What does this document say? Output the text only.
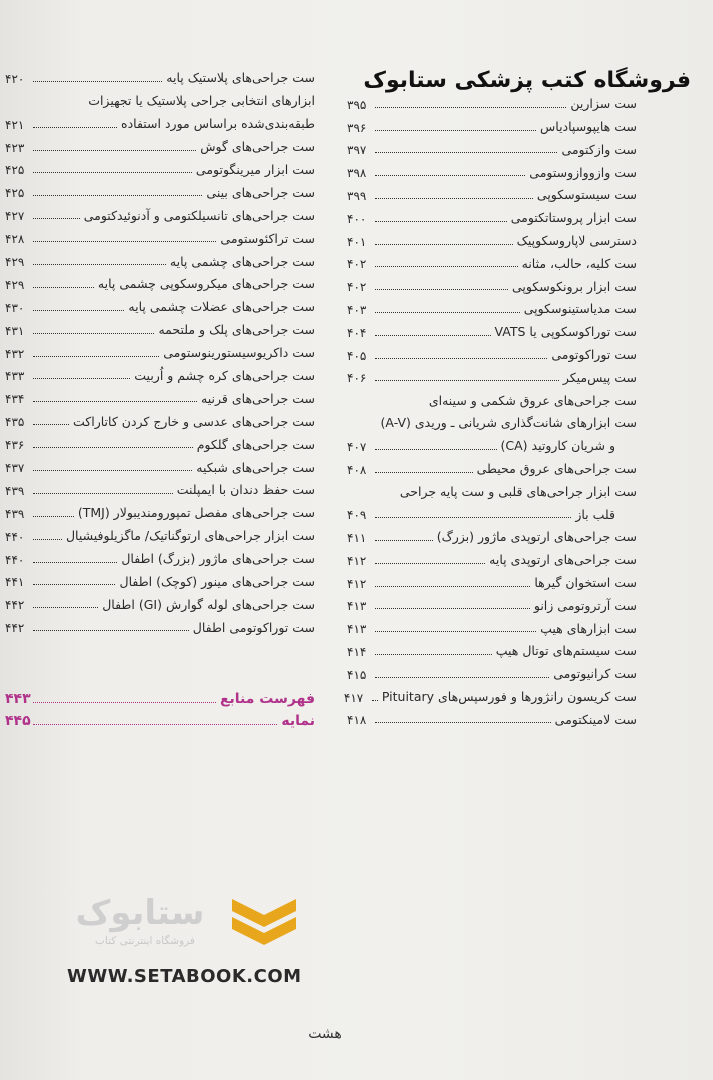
فروشگاه کتب پزشکی ستابوک
ست سزارین
۳۹۵
ست هایپوسپادیاس
۳۹۶
ست وازکتومی
۳۹۷
ست وازووازوستومی
۳۹۸
ست سیستوسکوپی
۳۹۹
ست ابزار پروستاتکتومی
۴۰۰
دسترسی لاپاروسکوپیک
۴۰۱
ست کلیه، حالب، مثانه
۴۰۲
ست ابزار برونکوسکوپی
۴۰۲
ست مدیاستینوسکوپی
۴۰۳
ست توراکوسکوپی یا VATS
۴۰۴
ست توراکوتومی
۴۰۵
ست پیس‌میکر
۴۰۶
ست جراحی‌های عروق شکمی و سینه‌ای
ست ابزارهای شانت‌گذاری شریانی ـ وریدی (A-V)
و شریان کاروتید (CA)
۴۰۷
ست جراحی‌های عروق محیطی
۴۰۸
ست ابزار جراحی‌های قلبی و ست پایه جراحی
قلب باز
۴۰۹
ست جراحی‌های ارتوپدی ماژور (بزرگ)
۴۱۱
ست جراحی‌های ارتوپدی پایه
۴۱۲
ست استخوان گیرها
۴۱۲
ست آرتروتومی زانو
۴۱۳
ست ابزارهای هیپ
۴۱۳
ست سیستم‌های توتال هیپ
۴۱۴
ست کرانیوتومی
۴۱۵
ست کریسون رانژورها و فورسپس‌های Pituitary
۴۱۷
ست لامینکتومی
۴۱۸
ست جراحی‌های پلاستیک پایه
۴۲۰
ابزارهای انتخابی جراحی پلاستیک یا تجهیزات
طبقه‌بندی‌شده براساس مورد استفاده
۴۲۱
ست جراحی‌های گوش
۴۲۳
ست ابزار میرینگوتومی
۴۲۵
ست جراحی‌های بینی
۴۲۵
ست جراحی‌های تانسیلکتومی و آدنوئیدکتومی
۴۲۷
ست تراکئوستومی
۴۲۸
ست جراحی‌های چشمی پایه
۴۲۹
ست جراحی‌های میکروسکوپی چشمی پایه
۴۲۹
ست جراحی‌های عضلات چشمی پایه
۴۳۰
ست جراحی‌های پلک و ملتحمه
۴۳۱
ست داکریوسیستورینوستومی
۴۳۲
ست جراحی‌های کره چشم و اُربیت
۴۳۳
ست جراحی‌های قرنیه
۴۳۴
ست جراحی‌های عدسی و خارج کردن کاتاراکت
۴۳۵
ست جراحی‌های گلکوم
۴۳۶
ست جراحی‌های شبکیه
۴۳۷
ست حفظ دندان با ایمپلنت
۴۳۹
ست جراحی‌های مفصل تمپورومندیبولار (TMJ)
۴۳۹
ست ابزار جراحی‌های ارتوگناتیک/ ماگزیلوفیشیال
۴۴۰
ست جراحی‌های ماژور (بزرگ) اطفال
۴۴۰
ست جراحی‌های مینور (کوچک) اطفال
۴۴۱
ست جراحی‌های لوله گوارش (GI) اطفال
۴۴۲
ست توراکوتومی اطفال
۴۴۲
فهرست منابع
۴۴۳
نمایه
۴۴۵
ستابوک
فروشگاه اینترنتی کتاب
WWW.SETABOOK.COM
هشت
